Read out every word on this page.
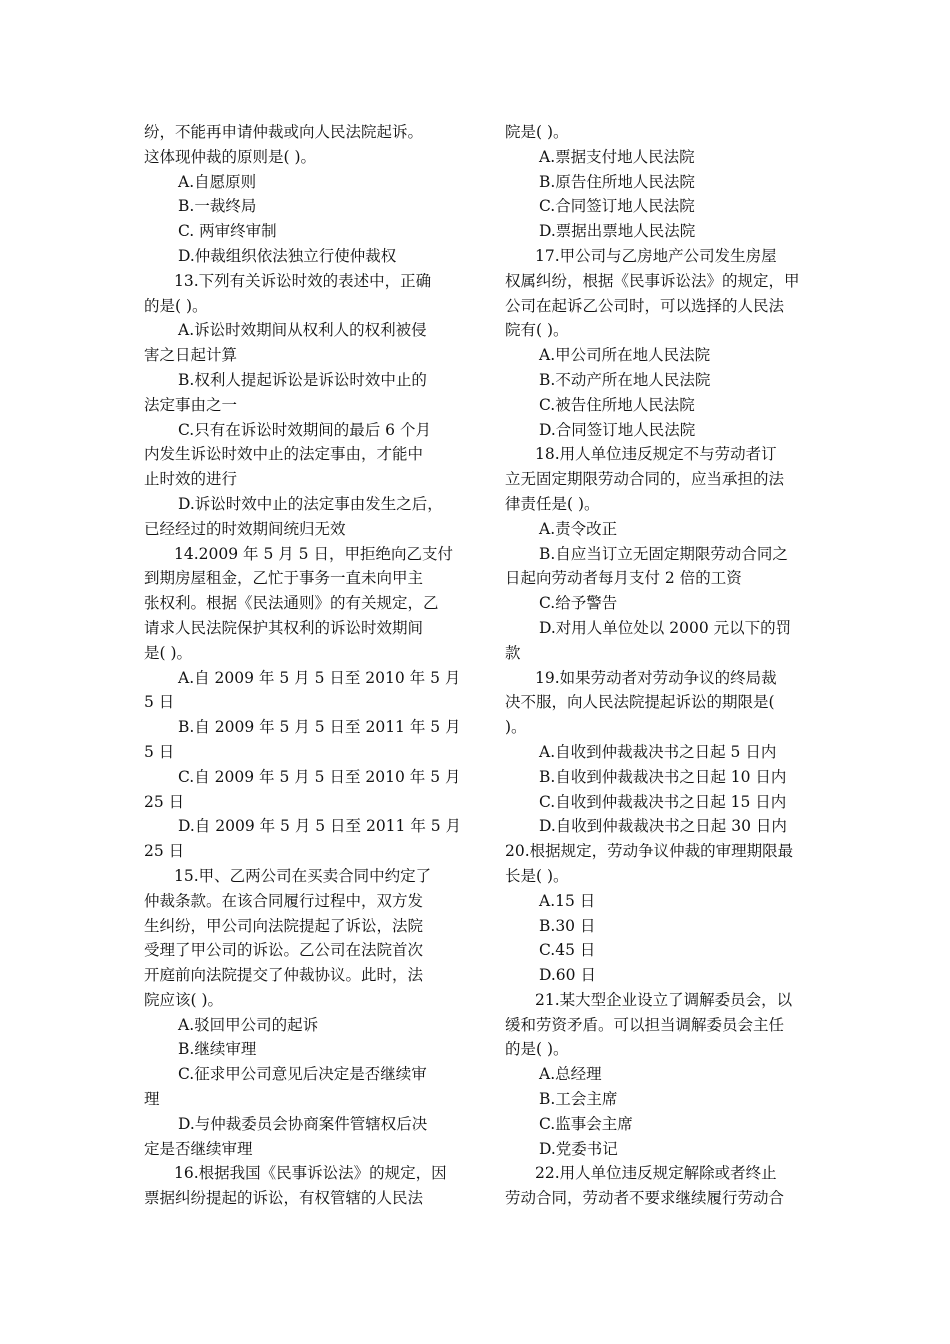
纷，不能再申请仲裁或向人民法院起诉。
这体现仲裁的原则是( )。
A.自愿原则
B.一裁终局
C. 两审终审制
D.仲裁组织依法独立行使仲裁权
13.下列有关诉讼时效的表述中，正确
的是( )。
A.诉讼时效期间从权利人的权利被侵
害之日起计算
B.权利人提起诉讼是诉讼时效中止的
法定事由之一
C.只有在诉讼时效期间的最后 6 个月
内发生诉讼时效中止的法定事由，才能中
止时效的进行
D.诉讼时效中止的法定事由发生之后，
已经经过的时效期间统归无效
14.2009 年 5 月 5 日，甲拒绝向乙支付
到期房屋租金，乙忙于事务一直未向甲主
张权利。根据《民法通则》的有关规定，乙
请求人民法院保护其权利的诉讼时效期间
是( )。
A.自 2009 年 5 月 5 日至 2010 年 5 月
5 日
B.自 2009 年 5 月 5 日至 2011 年 5 月
5 日
C.自 2009 年 5 月 5 日至 2010 年 5 月
25 日
D.自 2009 年 5 月 5 日至 2011 年 5 月
25 日
15.甲、乙两公司在买卖合同中约定了
仲裁条款。在该合同履行过程中，双方发
生纠纷，甲公司向法院提起了诉讼，法院
受理了甲公司的诉讼。乙公司在法院首次
开庭前向法院提交了仲裁协议。此时，法
院应该( )。
A.驳回甲公司的起诉
B.继续审理
C.征求甲公司意见后决定是否继续审
理
D.与仲裁委员会协商案件管辖权后决
定是否继续审理
16.根据我国《民事诉讼法》的规定，因
票据纠纷提起的诉讼，有权管辖的人民法
院是( )。
A.票据支付地人民法院
B.原告住所地人民法院
C.合同签订地人民法院
D.票据出票地人民法院
17.甲公司与乙房地产公司发生房屋
权属纠纷，根据《民事诉讼法》的规定，甲
公司在起诉乙公司时，可以选择的人民法
院有( )。
A.甲公司所在地人民法院
B.不动产所在地人民法院
C.被告住所地人民法院
D.合同签订地人民法院
18.用人单位违反规定不与劳动者订
立无固定期限劳动合同的，应当承担的法
律责任是( )。
A.责令改正
B.自应当订立无固定期限劳动合同之
日起向劳动者每月支付 2 倍的工资
C.给予警告
D.对用人单位处以 2000 元以下的罚
款
19.如果劳动者对劳动争议的终局裁
决不服，向人民法院提起诉讼的期限是(
)。
A.自收到仲裁裁决书之日起 5 日内
B.自收到仲裁裁决书之日起 10 日内
C.自收到仲裁裁决书之日起 15 日内
D.自收到仲裁裁决书之日起 30 日内
20.根据规定，劳动争议仲裁的审理期限最
长是( )。
A.15 日
B.30 日
C.45 日
D.60 日
21.某大型企业设立了调解委员会，以
缓和劳资矛盾。可以担当调解委员会主任
的是( )。
A.总经理
B.工会主席
C.监事会主席
D.党委书记
22.用人单位违反规定解除或者终止
劳动合同，劳动者不要求继续履行劳动合
